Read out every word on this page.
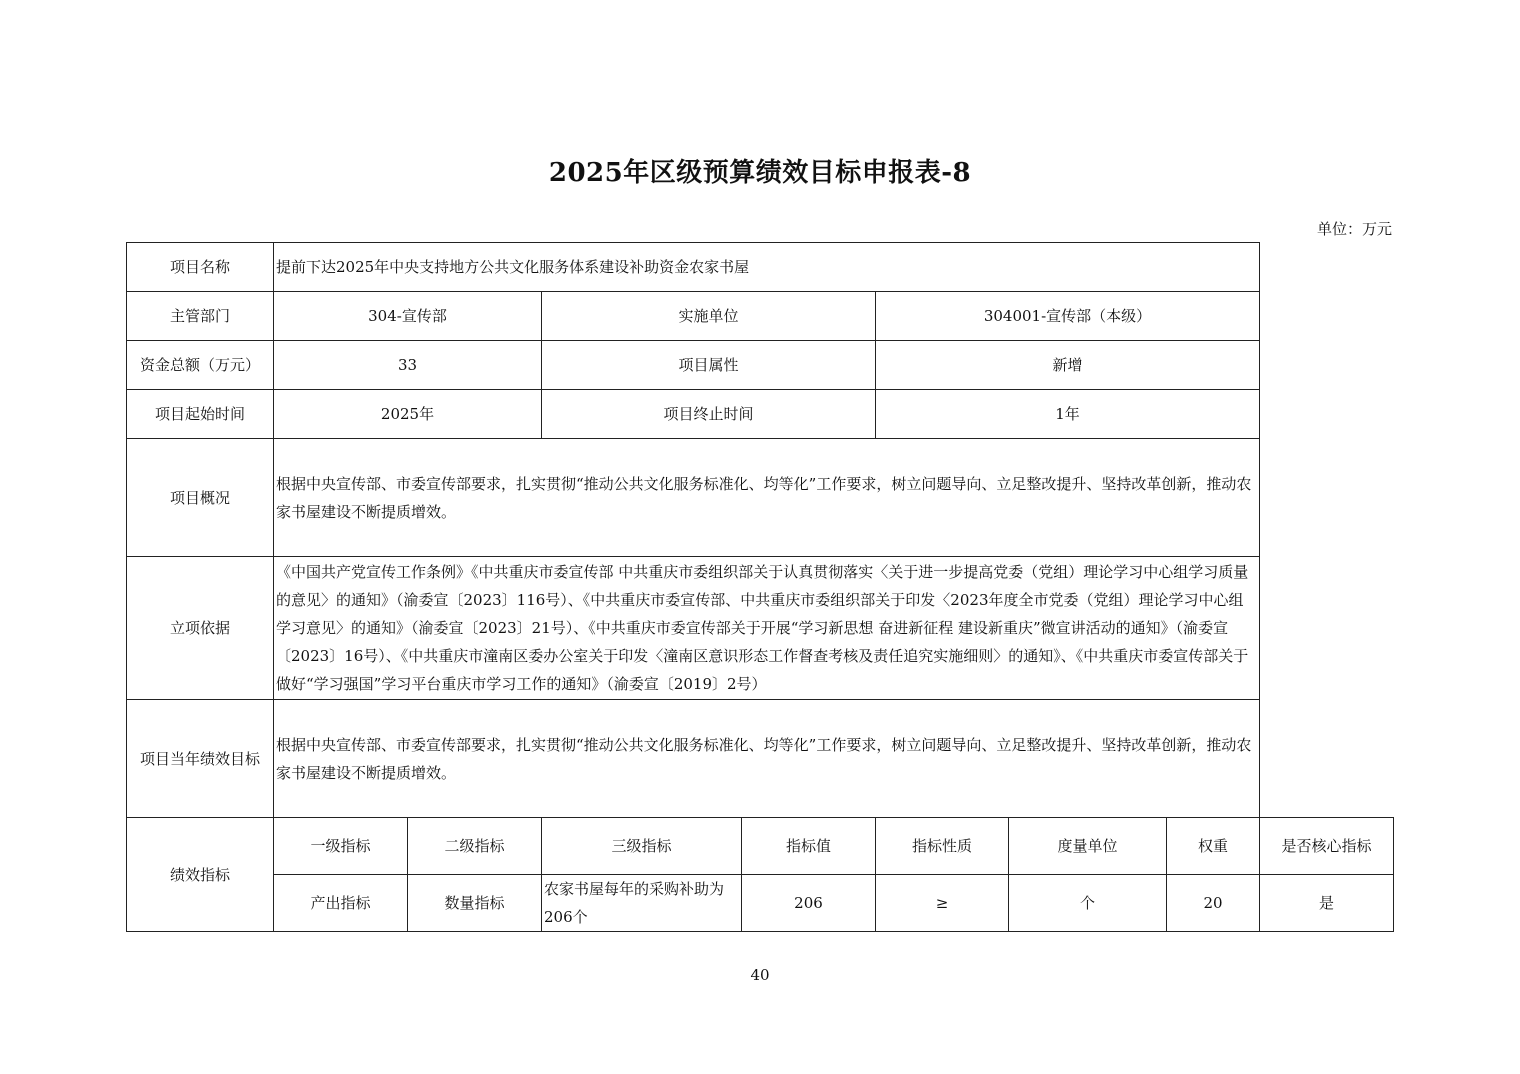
2025年区级预算绩效目标申报表-8
单位：万元
项目名称	提前下达2025年中央支持地方公共文化服务体系建设补助资金农家书屋							
主管部门	304-宣传部		实施单位		304001-宣传部（本级）			
资金总额（万元）	33		项目属性		新增			
项目起始时间	2025年		项目终止时间		1年			
项目概况	根据中央宣传部、市委宣传部要求，扎实贯彻“推动公共文化服务标准化、均等化”工作要求，树立问题导向、立足整改提升、坚持改革创新，推动农家书屋建设不断提质增效。							
立项依据	《中国共产党宣传工作条例》《中共重庆市委宣传部 中共重庆市委组织部关于认真贯彻落实〈关于进一步提高党委（党组）理论学习中心组学习质量的意见〉的通知》（渝委宣〔2023〕116号）、《中共重庆市委宣传部、中共重庆市委组织部关于印发〈2023年度全市党委（党组）理论学习中心组学习意见〉的通知》（渝委宣〔2023〕21号）、《中共重庆市委宣传部关于开展“学习新思想 奋进新征程 建设新重庆”微宣讲活动的通知》（渝委宣〔2023〕16号）、《中共重庆市潼南区委办公室关于印发〈潼南区意识形态工作督查考核及责任追究实施细则〉的通知》、《中共重庆市委宣传部关于做好“学习强国”学习平台重庆市学习工作的通知》（渝委宣〔2019〕2号）							
项目当年绩效目标	根据中央宣传部、市委宣传部要求，扎实贯彻“推动公共文化服务标准化、均等化”工作要求，树立问题导向、立足整改提升、坚持改革创新，推动农家书屋建设不断提质增效。							
绩效指标	一级指标	二级指标	三级指标	指标值	指标性质	度量单位	权重	是否核心指标
	产出指标	数量指标	农家书屋每年的采购补助为206个	206	≥	个	20	是
40
